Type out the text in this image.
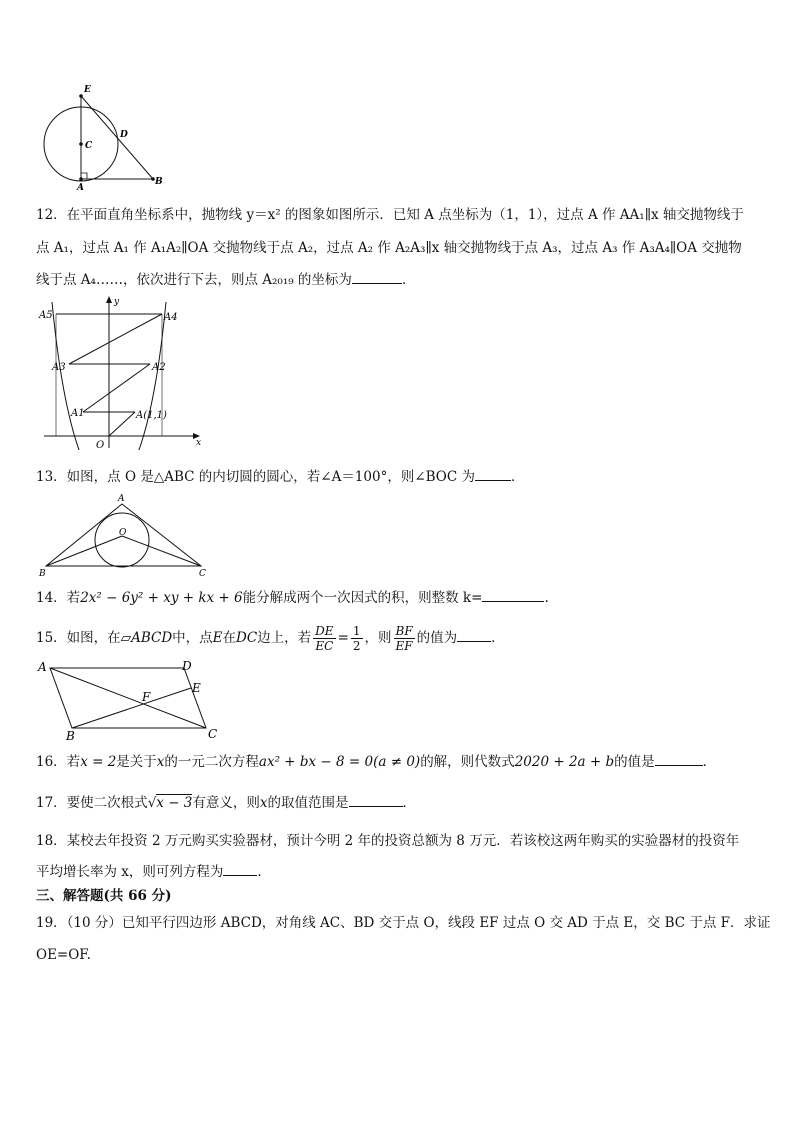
E
D
C
A
B
12．在平面直角坐标系中，抛物线 y＝x² 的图象如图所示．已知 A 点坐标为（1，1），过点 A 作 AA₁∥x 轴交抛物线于
点 A₁，过点 A₁ 作 A₁A₂∥OA 交抛物线于点 A₂，过点 A₂ 作 A₂A₃∥x 轴交抛物线于点 A₃，过点 A₃ 作 A₃A₄∥OA 交抛物
线于点 A₄……，依次进行下去，则点 A₂₀₁₉ 的坐标为	．
A5	A4
A3	A2
A1	A(1,1)
O	x
y
13．如图，点 O 是△ABC 的内切圆的圆心，若∠A＝100°，则∠BOC 为	．
A
O
B	C
14．若2x² − 6y² + xy + kx + 6能分解成两个一次因式的积，则整数 k=	.
15．如图，在▱ABCD中，点E在DC边上，若 $\frac{DE}{EC} = \frac{1}{2}$ ，则 $\frac{BF}{EF}$ 的值为	．
A	D
E
F
B	C
16．若x = 2是关于x的一元二次方程ax² + bx − 8 = 0(a ≠ 0)的解，则代数式2020 + 2a + b的值是	．
17．要使二次根式√x − 3有意义，则x的取值范围是	．
18．某校去年投资 2 万元购买实验器材，预计今明 2 年的投资总额为 8 万元．若该校这两年购买的实验器材的投资年
平均增长率为 x，则可列方程为	．
三、解答题(共 66 分)
19．（10 分）已知平行四边形 ABCD，对角线 AC、BD 交于点 O，线段 EF 过点 O 交 AD 于点 E，交 BC 于点 F．求证
OE=OF.
